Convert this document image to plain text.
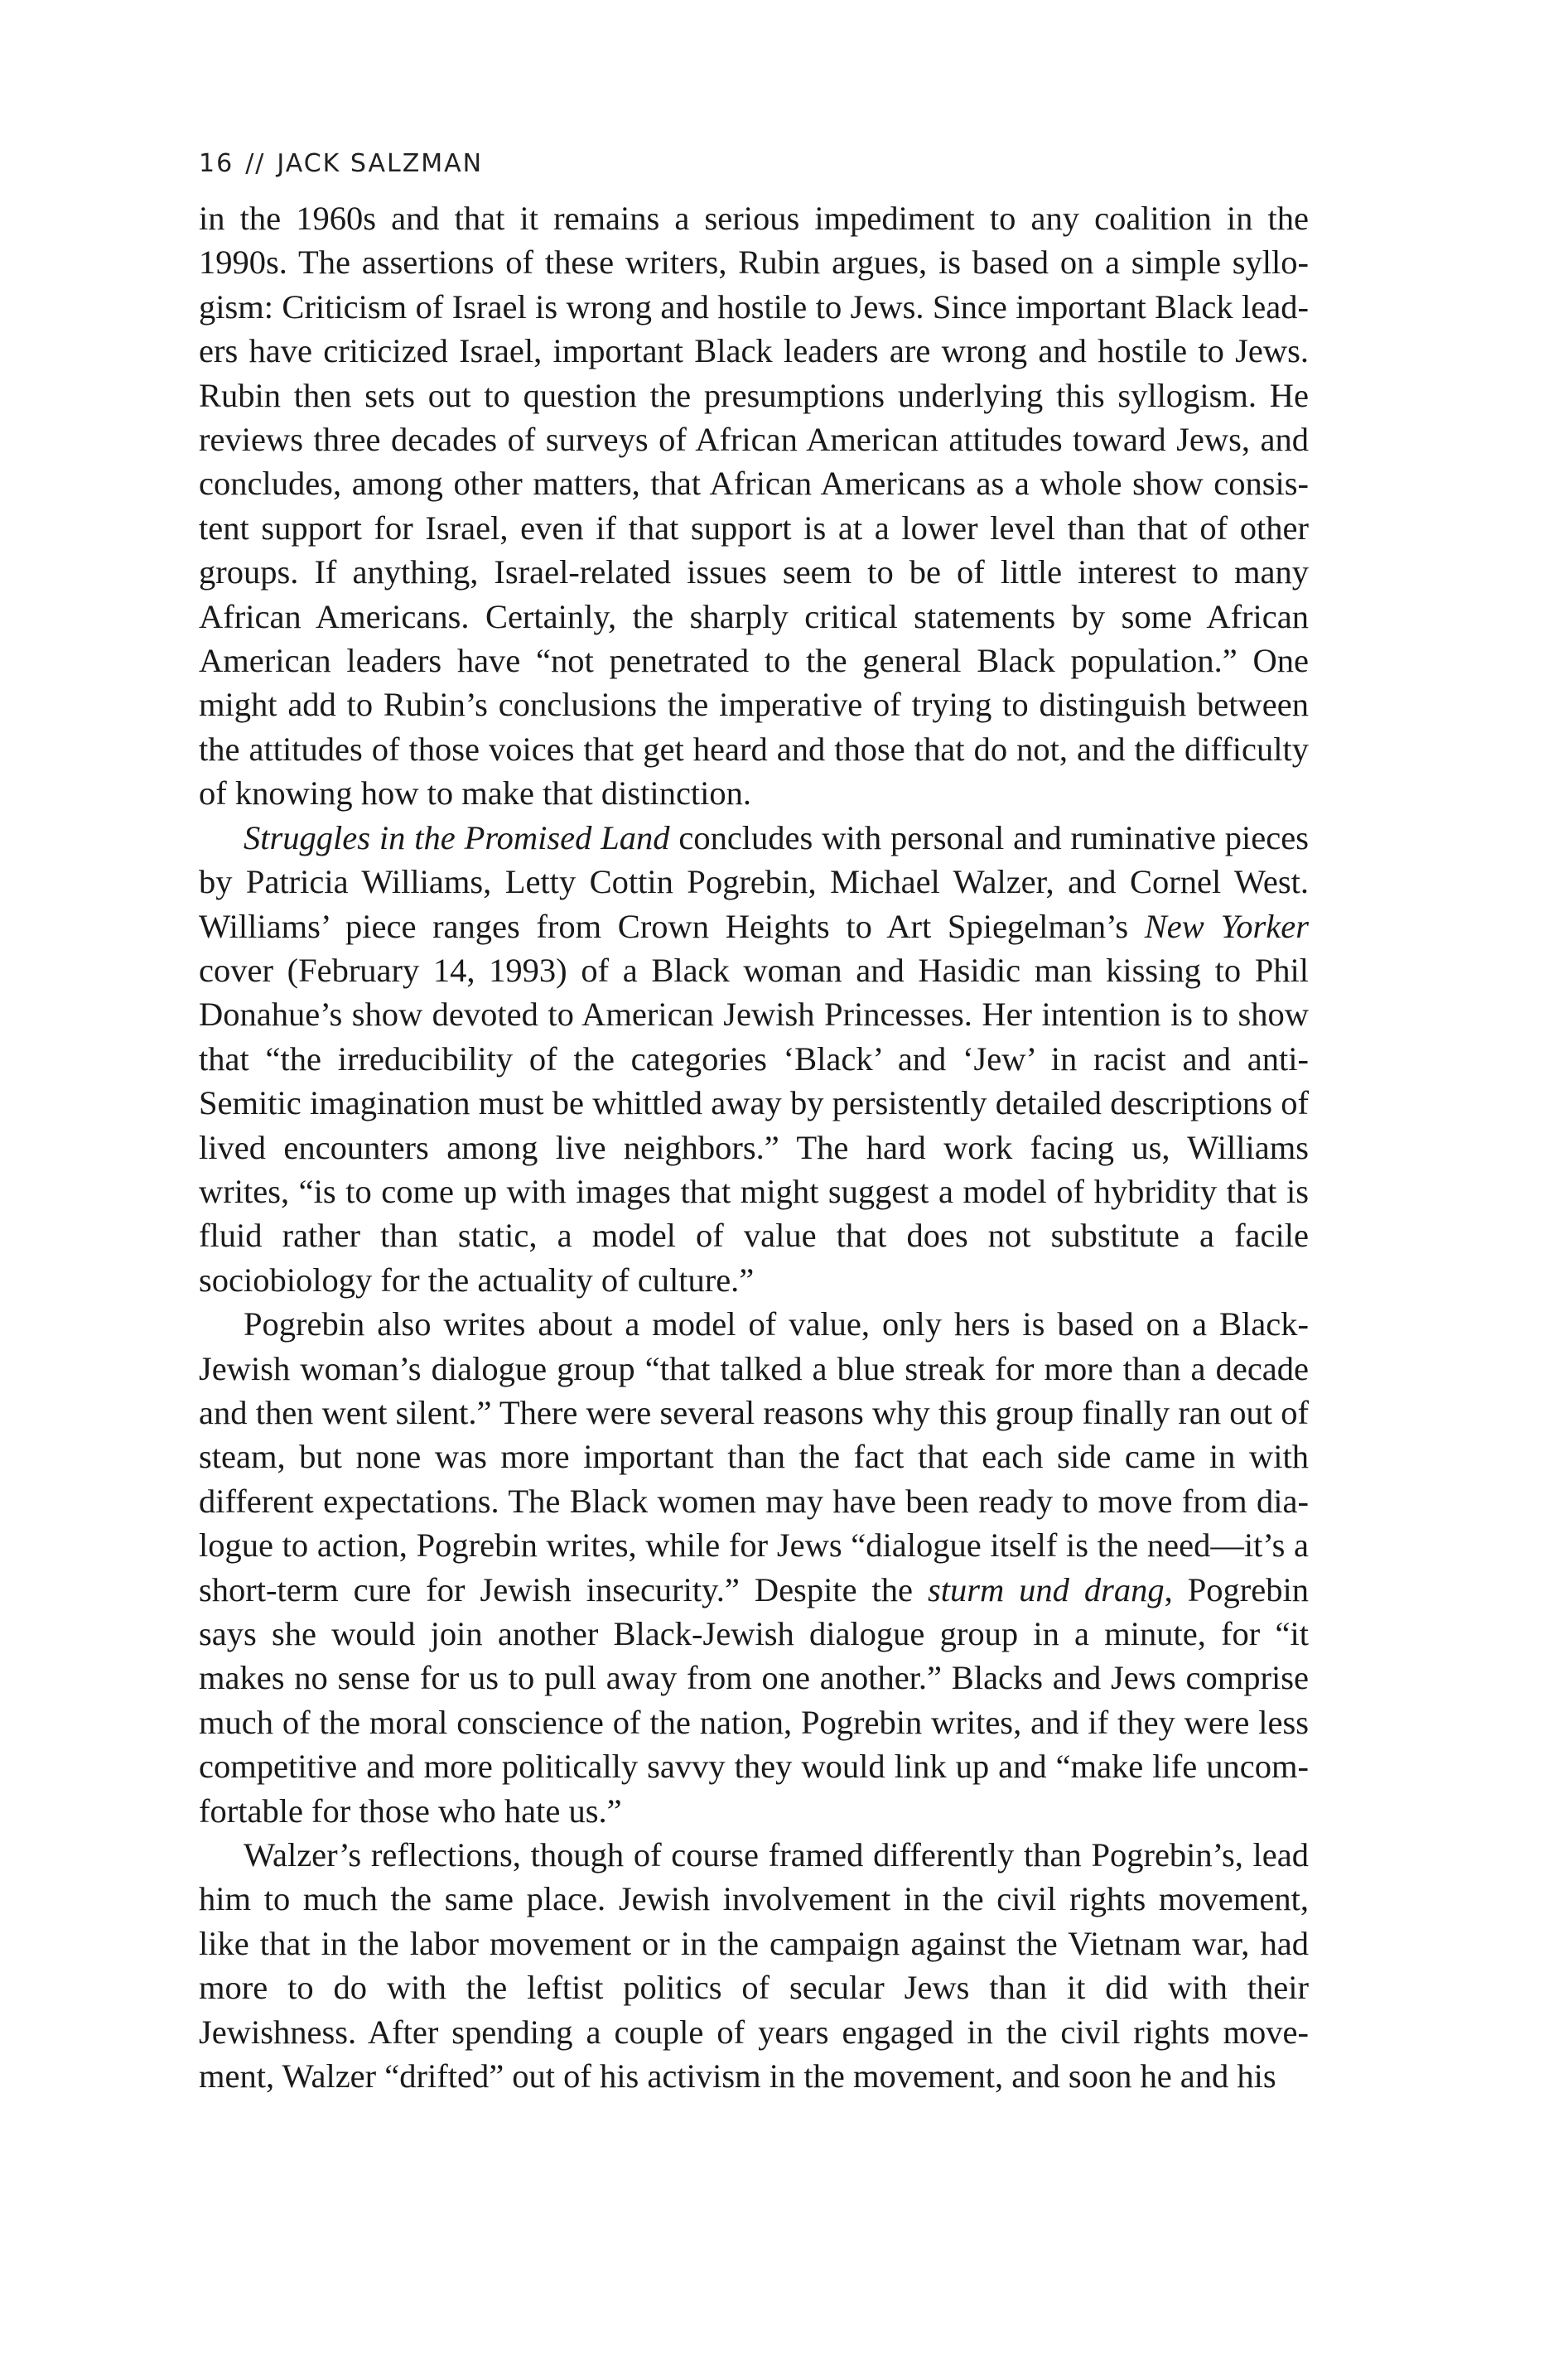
16 // JACK SALZMAN

in the 1960s and that it remains a serious impediment to any coalition in the 1990s. The assertions of these writers, Rubin argues, is based on a simple syllogism: Criticism of Israel is wrong and hostile to Jews. Since important Black leaders have criticized Israel, important Black leaders are wrong and hostile to Jews. Rubin then sets out to question the presumptions underlying this syllogism. He reviews three decades of surveys of African American attitudes toward Jews, and concludes, among other matters, that African Americans as a whole show consistent support for Israel, even if that support is at a lower level than that of other groups. If anything, Israel-related issues seem to be of little interest to many African Americans. Certainly, the sharply critical statements by some African American leaders have “not penetrated to the general Black population.” One might add to Rubin’s conclusions the imperative of trying to distinguish between the attitudes of those voices that get heard and those that do not, and the difficulty of knowing how to make that distinction.

Struggles in the Promised Land concludes with personal and ruminative pieces by Patricia Williams, Letty Cottin Pogrebin, Michael Walzer, and Cornel West. Williams’ piece ranges from Crown Heights to Art Spiegelman’s New Yorker cover (February 14, 1993) of a Black woman and Hasidic man kissing to Phil Donahue’s show devoted to American Jewish Princesses. Her intention is to show that “the irreducibility of the categories ‘Black’ and ‘Jew’ in racist and anti-Semitic imagination must be whittled away by persistently detailed descriptions of lived encounters among live neighbors.” The hard work facing us, Williams writes, “is to come up with images that might suggest a model of hybridity that is fluid rather than static, a model of value that does not substitute a facile sociobiology for the actuality of culture.”

Pogrebin also writes about a model of value, only hers is based on a Black-Jewish woman’s dialogue group “that talked a blue streak for more than a decade and then went silent.” There were several reasons why this group finally ran out of steam, but none was more important than the fact that each side came in with different expectations. The Black women may have been ready to move from dialogue to action, Pogrebin writes, while for Jews “dialogue itself is the need—it’s a short-term cure for Jewish insecurity.” Despite the sturm und drang, Pogrebin says she would join another Black-Jewish dialogue group in a minute, for “it makes no sense for us to pull away from one another.” Blacks and Jews comprise much of the moral conscience of the nation, Pogrebin writes, and if they were less competitive and more politically savvy they would link up and “make life uncomfortable for those who hate us.”

Walzer’s reflections, though of course framed differently than Pogrebin’s, lead him to much the same place. Jewish involvement in the civil rights movement, like that in the labor movement or in the campaign against the Vietnam war, had more to do with the leftist politics of secular Jews than it did with their Jewishness. After spending a couple of years engaged in the civil rights movement, Walzer “drifted” out of his activism in the movement, and soon he and his
